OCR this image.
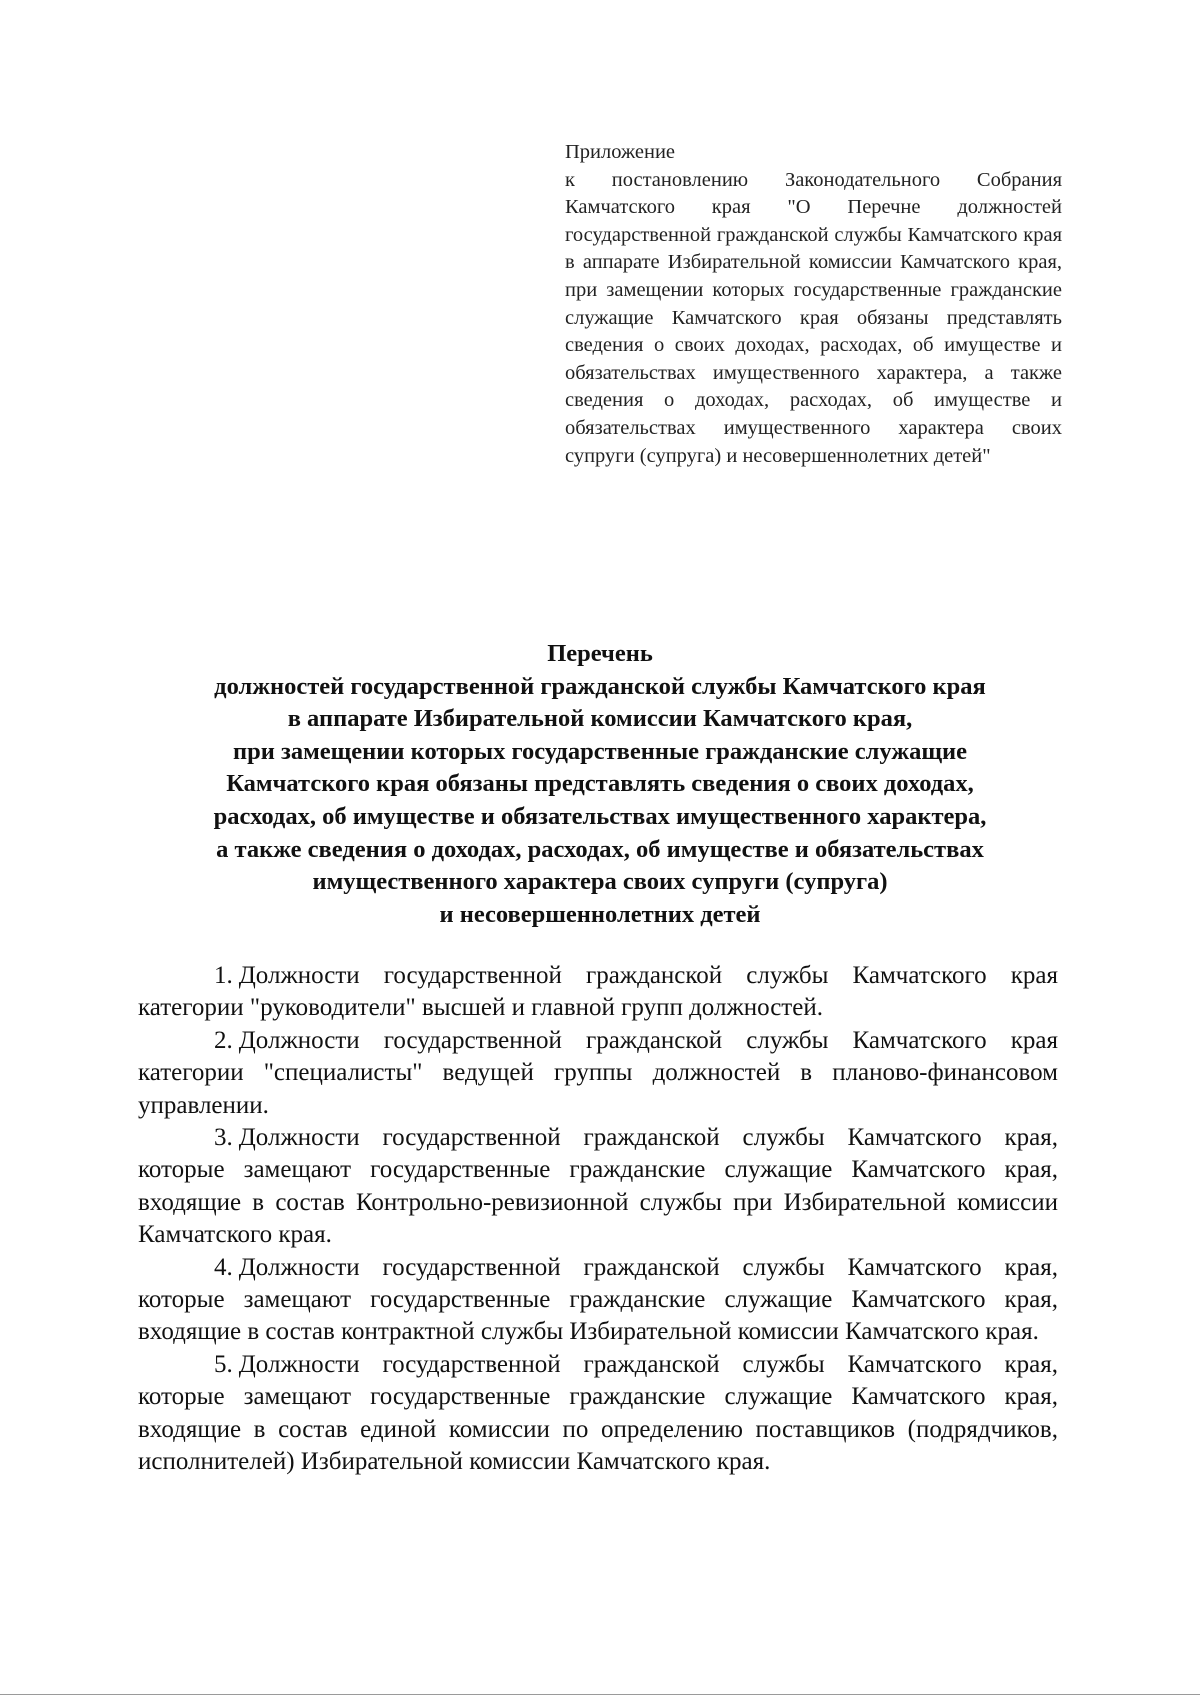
Приложение
к постановлению Законодательного Собрания Камчатского края "О Перечне должностей государственной гражданской службы Камчатского края в аппарате Избирательной комиссии Камчатского края, при замещении которых государственные гражданские служащие Камчатского края обязаны представлять сведения о своих доходах, расходах, об имуществе и обязательствах имущественного характера, а также сведения о доходах, расходах, об имуществе и обязательствах имущественного характера своих супруги (супруга) и несовершеннолетних детей"
Перечень
должностей государственной гражданской службы Камчатского края
в аппарате Избирательной комиссии Камчатского края,
при замещении которых государственные гражданские служащие
Камчатского края обязаны представлять сведения о своих доходах,
расходах, об имуществе и обязательствах имущественного характера,
а также сведения о доходах, расходах, об имуществе и обязательствах
имущественного характера своих супруги (супруга)
и несовершеннолетних детей

1. Должности государственной гражданской службы Камчатского края категории "руководители" высшей и главной групп должностей.

2. Должности государственной гражданской службы Камчатского края категории "специалисты" ведущей группы должностей в планово-финансовом управлении.

3. Должности государственной гражданской службы Камчатского края, которые замещают государственные гражданские служащие Камчатского края, входящие в состав Контрольно-ревизионной службы при Избирательной комиссии Камчатского края.

4. Должности государственной гражданской службы Камчатского края, которые замещают государственные гражданские служащие Камчатского края, входящие в состав контрактной службы Избирательной комиссии Камчатского края.

5. Должности государственной гражданской службы Камчатского края, которые замещают государственные гражданские служащие Камчатского края, входящие в состав единой комиссии по определению поставщиков (подрядчиков, исполнителей) Избирательной комиссии Камчатского края.
